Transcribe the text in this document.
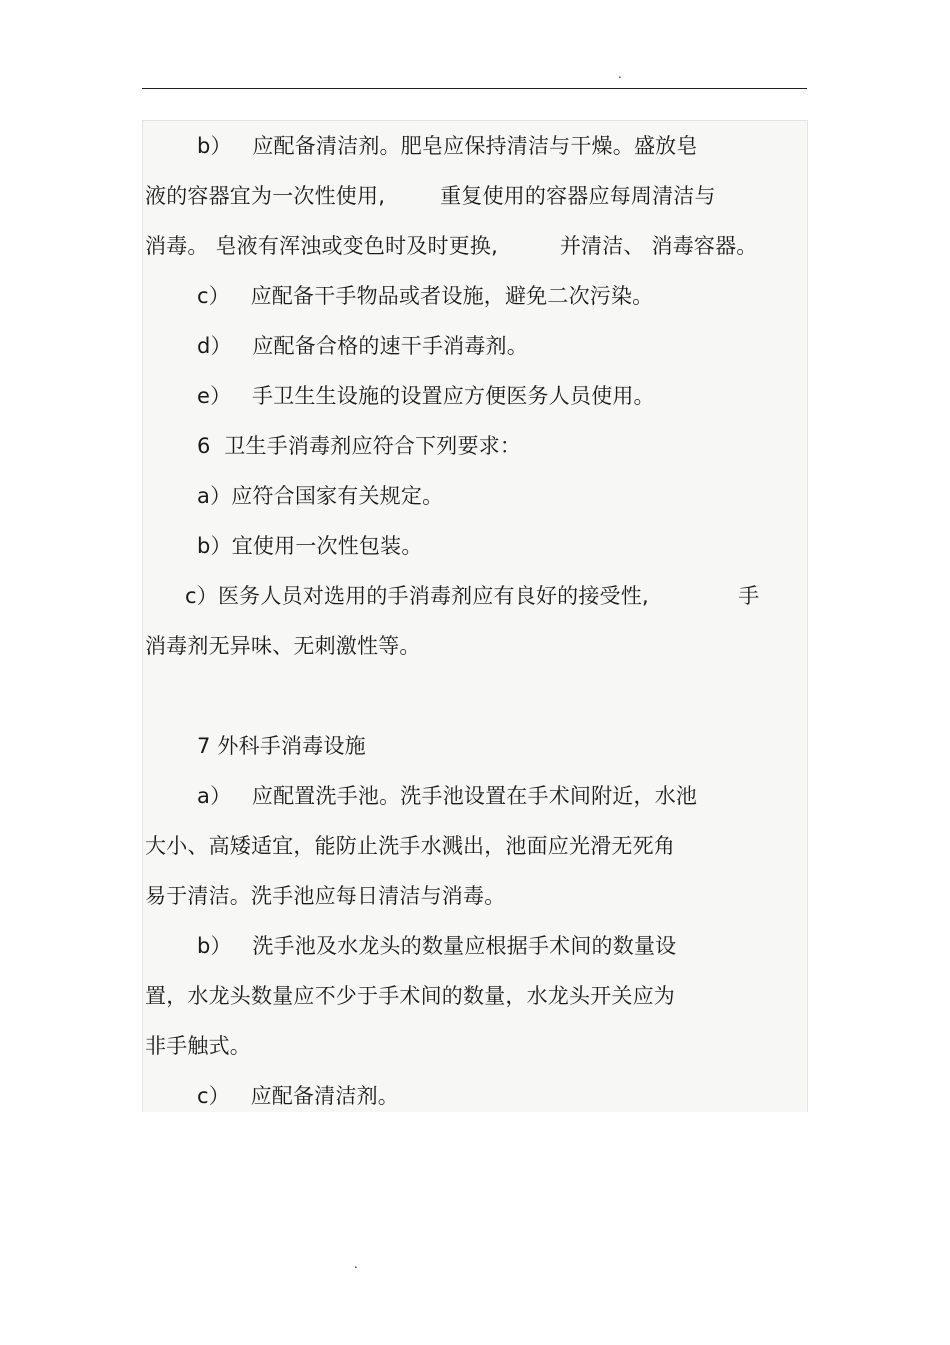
.
b）   应配备清洁剂。肥皂应保持清洁与干燥。盛放皂
液的容器宜为一次性使用,        重复使用的容器应每周清洁与
消毒。 皂液有浑浊或变色时及时更换,         并清洁、 消毒容器。
c）   应配备干手物品或者设施，避免二次污染。
d）   应配备合格的速干手消毒剂。
e）   手卫生生设施的设置应方便医务人员使用。
6  卫生手消毒剂应符合下列要求：
a）应符合国家有关规定。
b）宜使用一次性包装。
c）医务人员对选用的手消毒剂应有良好的接受性,             手
消毒剂无异味、无刺激性等。
7 外科手消毒设施
a）   应配置洗手池。洗手池设置在手术间附近，水池
大小、高矮适宜，能防止洗手水溅出，池面应光滑无死角
易于清洁。洗手池应每日清洁与消毒。
b）   洗手池及水龙头的数量应根据手术间的数量设
置，水龙头数量应不少于手术间的数量，水龙头开关应为
非手触式。
c）   应配备清洁剂。
.
